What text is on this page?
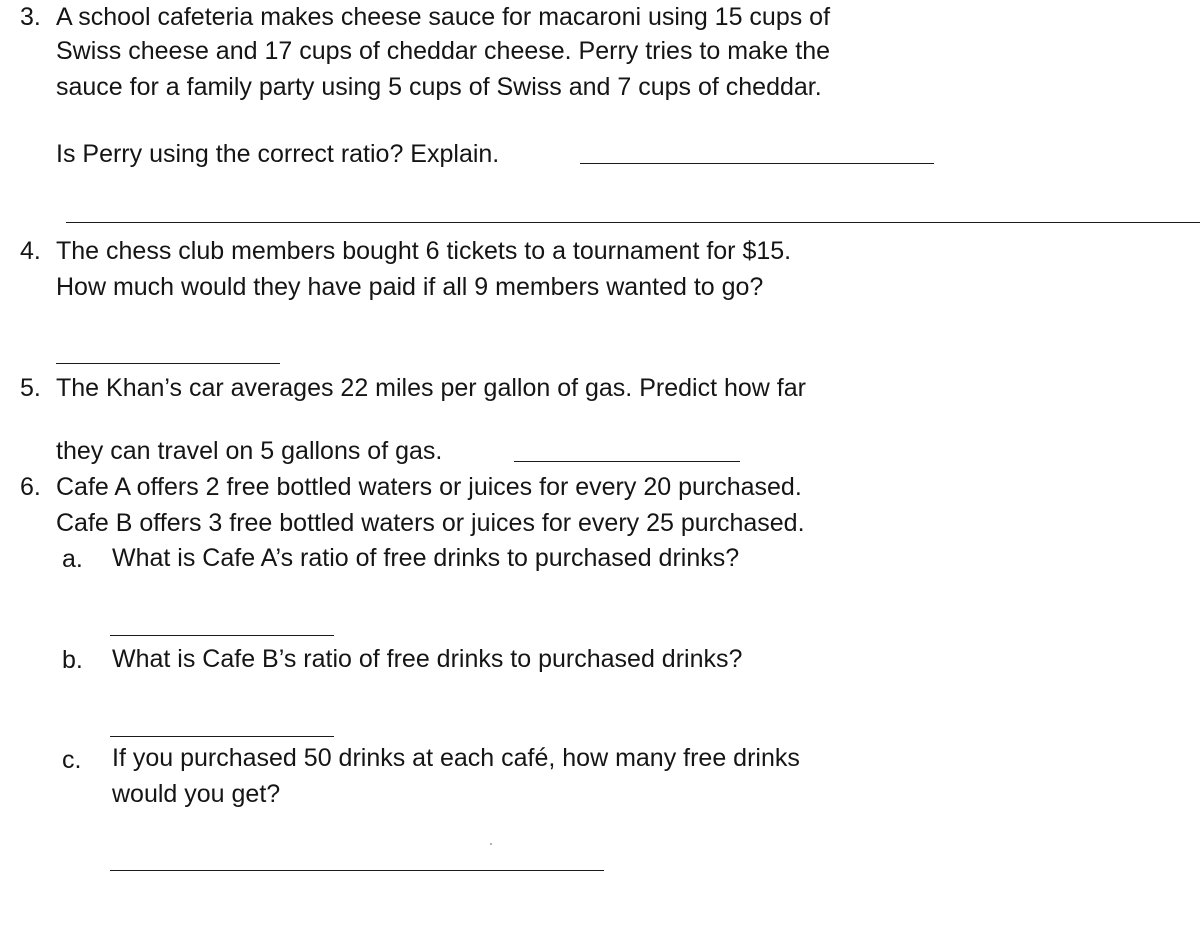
3. A school cafeteria makes cheese sauce for macaroni using 15 cups of
Swiss cheese and 17 cups of cheddar cheese. Perry tries to make the
sauce for a family party using 5 cups of Swiss and 7 cups of cheddar.
Is Perry using the correct ratio? Explain.
4. The chess club members bought 6 tickets to a tournament for $15.
How much would they have paid if all 9 members wanted to go?
5. The Khan’s car averages 22 miles per gallon of gas. Predict how far
they can travel on 5 gallons of gas.
6. Cafe A offers 2 free bottled waters or juices for every 20 purchased.
Cafe B offers 3 free bottled waters or juices for every 25 purchased.
a. What is Cafe A’s ratio of free drinks to purchased drinks?
b. What is Cafe B’s ratio of free drinks to purchased drinks?
c. If you purchased 50 drinks at each café, how many free drinks
would you get?
